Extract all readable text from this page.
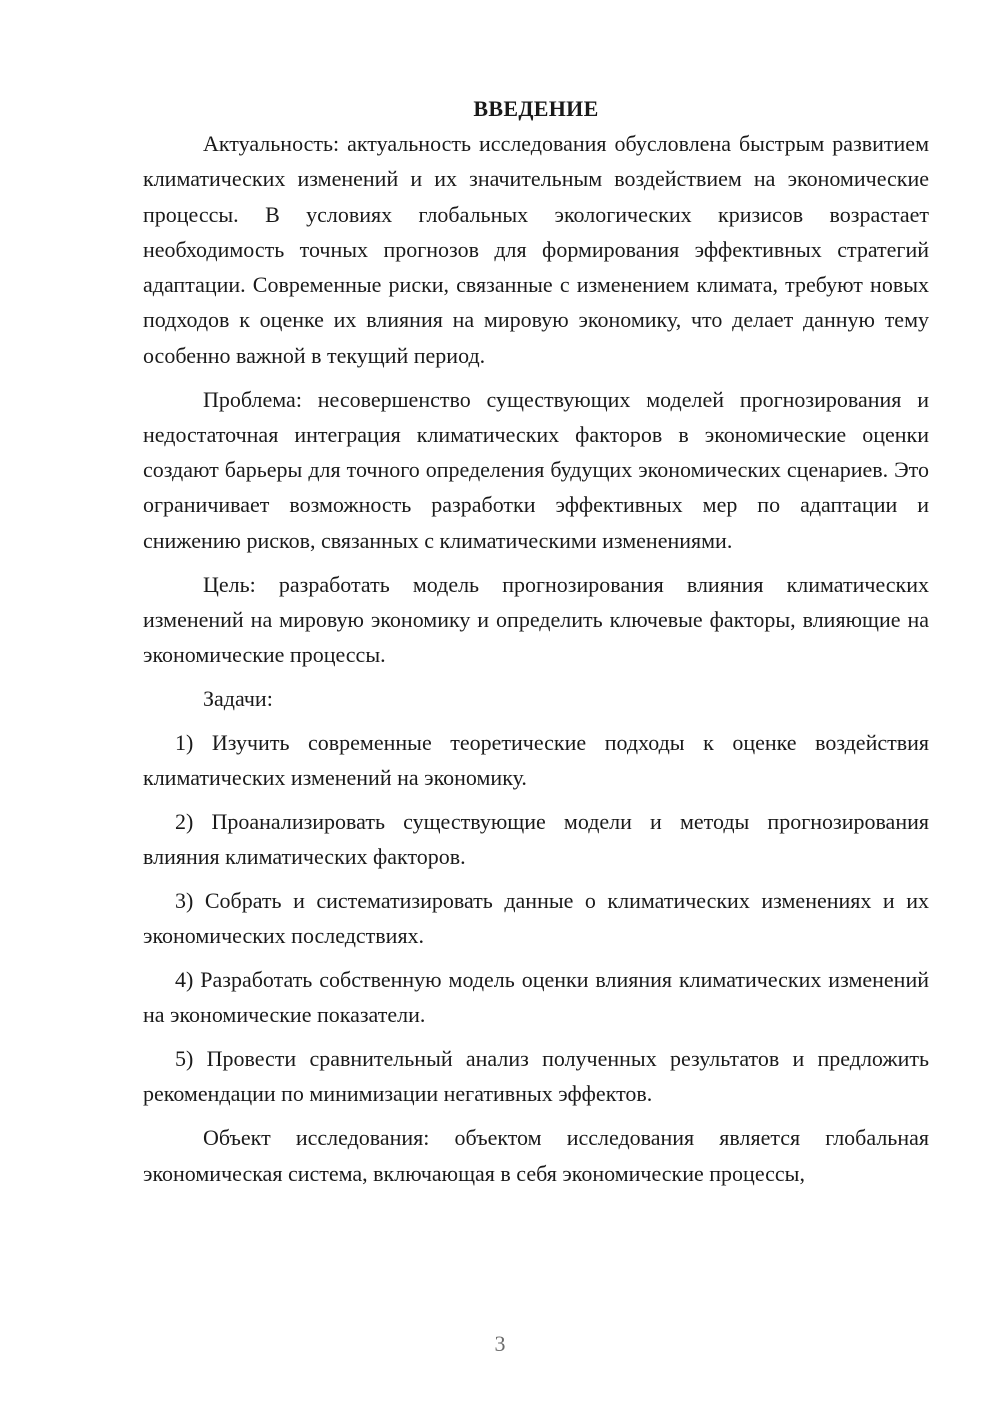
ВВЕДЕНИЕ

Актуальность: актуальность исследования обусловлена быстрым развитием климатических изменений и их значительным воздействием на экономические процессы. В условиях глобальных экологических кризисов возрастает необходимость точных прогнозов для формирования эффективных стратегий адаптации. Современные риски, связанные с изменением климата, требуют новых подходов к оценке их влияния на мировую экономику, что делает данную тему особенно важной в текущий период.

Проблема: несовершенство существующих моделей прогнозирования и недостаточная интеграция климатических факторов в экономические оценки создают барьеры для точного определения будущих экономических сценариев. Это ограничивает возможность разработки эффективных мер по адаптации и снижению рисков, связанных с климатическими изменениями.

Цель: разработать модель прогнозирования влияния климатических изменений на мировую экономику и определить ключевые факторы, влияющие на экономические процессы.

Задачи:

1) Изучить современные теоретические подходы к оценке воздействия климатических изменений на экономику.

2) Проанализировать существующие модели и методы прогнозирования влияния климатических факторов.

3) Собрать и систематизировать данные о климатических изменениях и их экономических последствиях.

4) Разработать собственную модель оценки влияния климатических изменений на экономические показатели.

5) Провести сравнительный анализ полученных результатов и предложить рекомендации по минимизации негативных эффектов.

Объект исследования: объектом исследования является глобальная экономическая система, включающая в себя экономические процессы,

3
